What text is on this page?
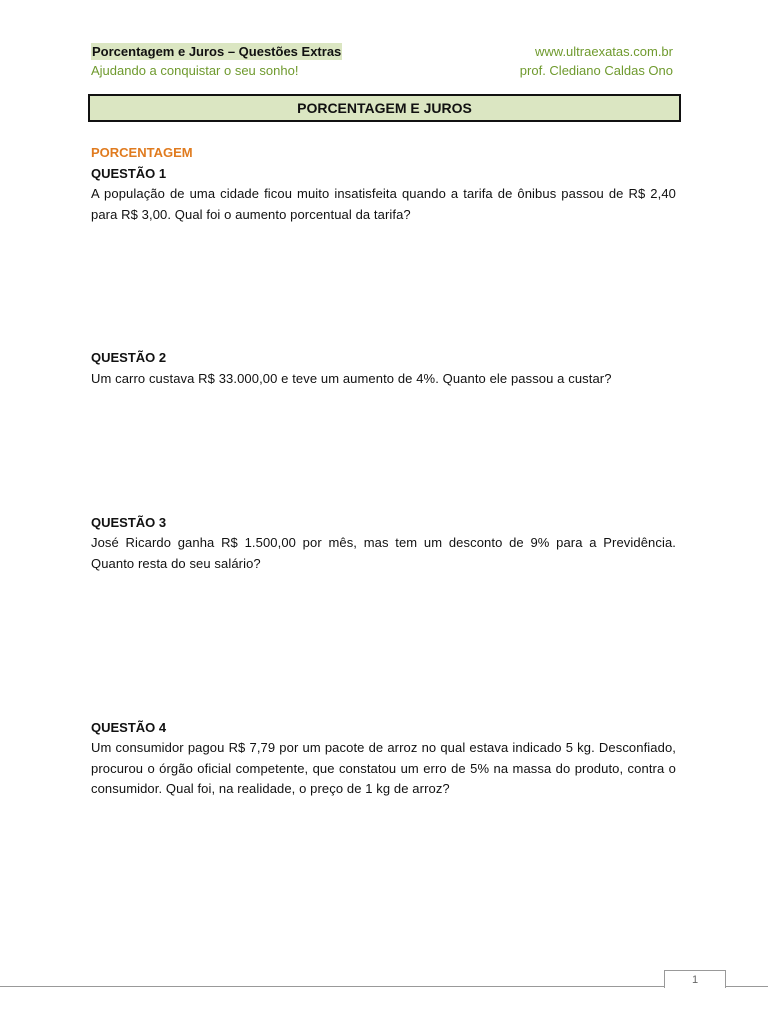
Porcentagem e Juros – Questões Extras
Ajudando a conquistar o seu sonho!
www.ultraexatas.com.br
prof. Clediano Caldas Ono
PORCENTAGEM E JUROS
PORCENTAGEM
QUESTÃO 1
A população de uma cidade ficou muito insatisfeita quando a tarifa de ônibus passou de R$ 2,40 para R$ 3,00. Qual foi o aumento porcentual da tarifa?
QUESTÃO 2
Um carro custava R$ 33.000,00 e teve um aumento de 4%. Quanto ele passou a custar?
QUESTÃO 3
José Ricardo ganha R$ 1.500,00 por mês, mas tem um desconto de 9% para a Previdência. Quanto resta do seu salário?
QUESTÃO 4
Um consumidor pagou R$ 7,79 por um pacote de arroz no qual estava indicado 5 kg. Desconfiado, procurou o órgão oficial competente, que constatou um erro de 5% na massa do produto, contra o consumidor. Qual foi, na realidade, o preço de 1 kg de arroz?
1
